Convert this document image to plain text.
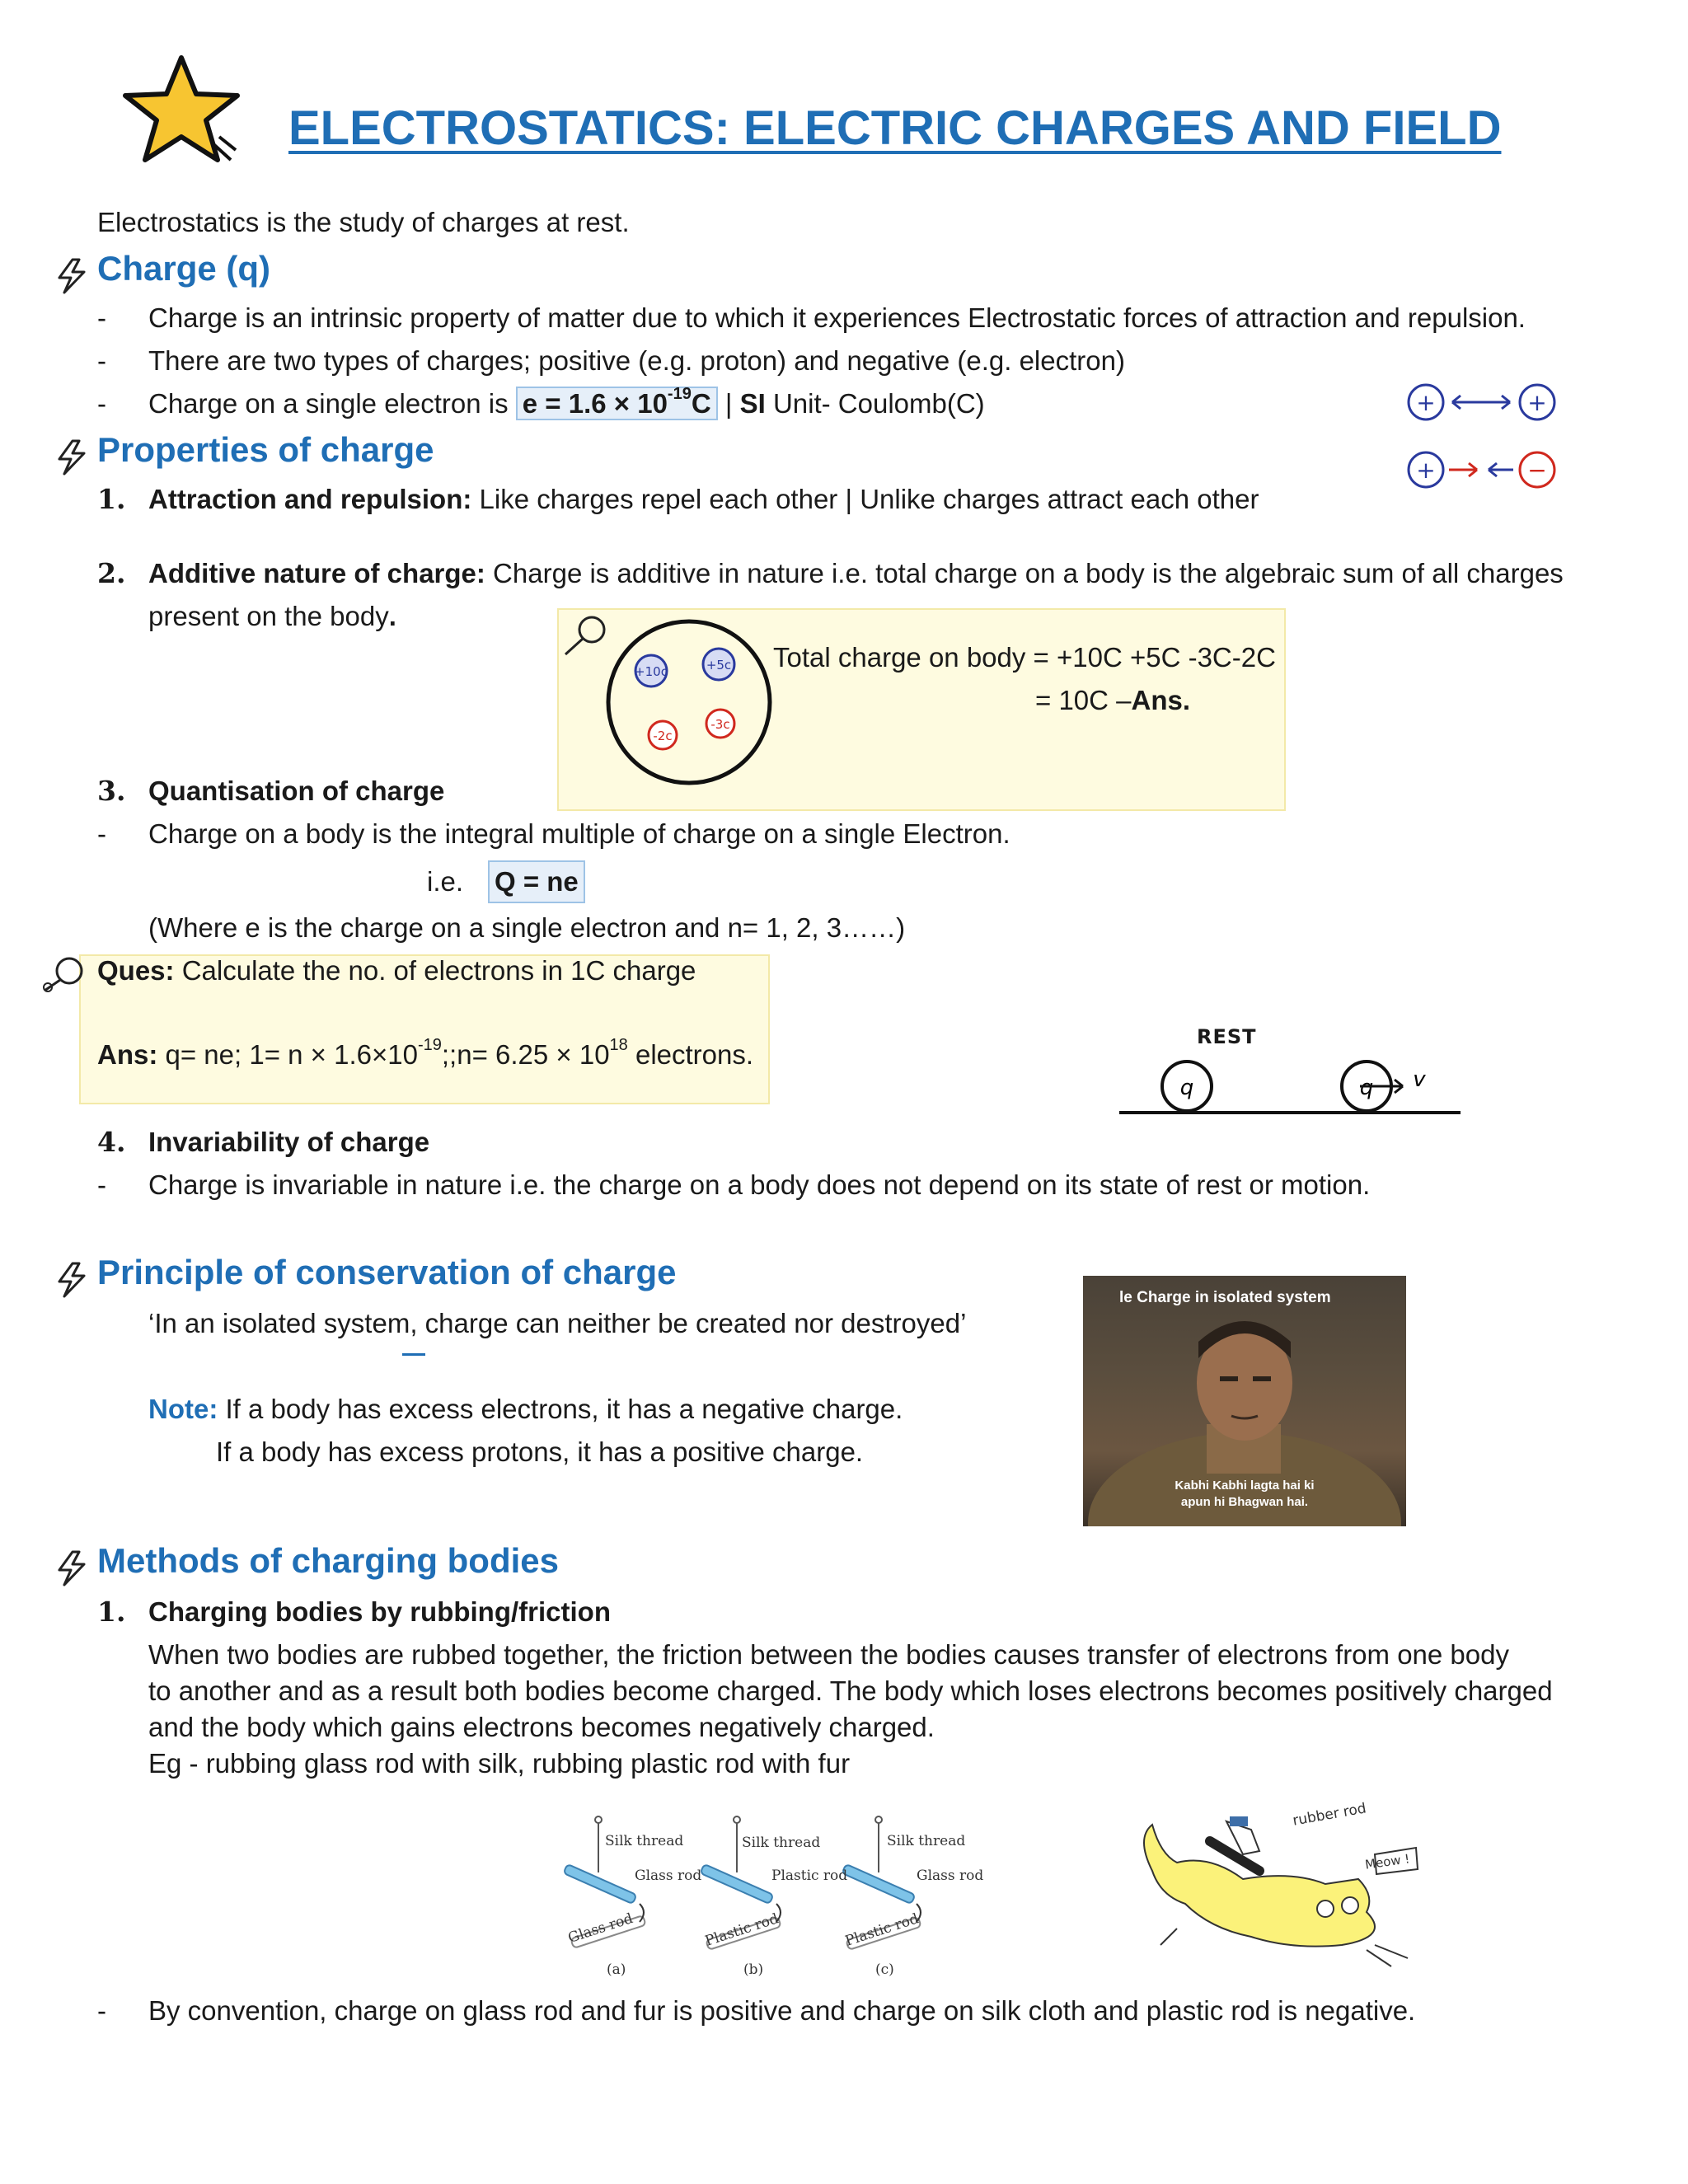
ELECTROSTATICS: ELECTRIC CHARGES AND FIELD
Electrostatics is the study of charges at rest.
Charge (q)
- Charge is an intrinsic property of matter due to which it experiences Electrostatic forces of attraction and repulsion.
- There are two types of charges; positive (e.g. proton) and negative (e.g. electron)
- Charge on a single electron is $e = 1.6 \times 10^{-19}C$ | SI Unit- Coulomb(C)	+	+
Properties of charge
+	−
1. Attraction and repulsion: Like charges repel each other | Unlike charges attract each other
2. Additive nature of charge: Charge is additive in nature i.e. total charge on a body is the algebraic sum of all charges
present on the body.
+10c	+5c
-2c
-3c
Total charge on body = +10C +5C -3C-2C
= 10C –Ans.
3. Quantisation of charge
- Charge on a body is the integral multiple of charge on a single Electron.
i.e. Q = ne
(Where e is the charge on a single electron and n= 1, 2, 3……)
Ques: Calculate the no. of electrons in 1C charge
Ans: q= ne; $1= n \times 1.6\times 10^{-19};;n= 6.25 \times 10^{18}$ electrons.
REST
q	q v
4. Invariability of charge
- Charge is invariable in nature i.e. the charge on a body does not depend on its state of rest or motion.
Principle of conservation of charge
‘In an isolated system, charge can neither be created nor destroyed’
Note: If a body has excess electrons, it has a negative charge.
If a body has excess protons, it has a positive charge.
le Charge in isolated system
Kabhi Kabhi lagta hai ki
apun hi Bhagwan hai.
Methods of charging bodies
1. Charging bodies by rubbing/friction
When two bodies are rubbed together, the friction between the bodies causes transfer of electrons from one body
to another and as a result both bodies become charged. The body which loses electrons becomes positively charged
and the body which gains electrons becomes negatively charged.
Eg - rubbing glass rod with silk, rubbing plastic rod with fur
Silk thread
Glass rod
Glass rod
(a)
Silk thread
Plastic rod
Plastic rod
(b)
Silk thread
Glass rod
Plastic rod
(c)
rubber rod
Meow !
- By convention, charge on glass rod and fur is positive and charge on silk cloth and plastic rod is negative.
